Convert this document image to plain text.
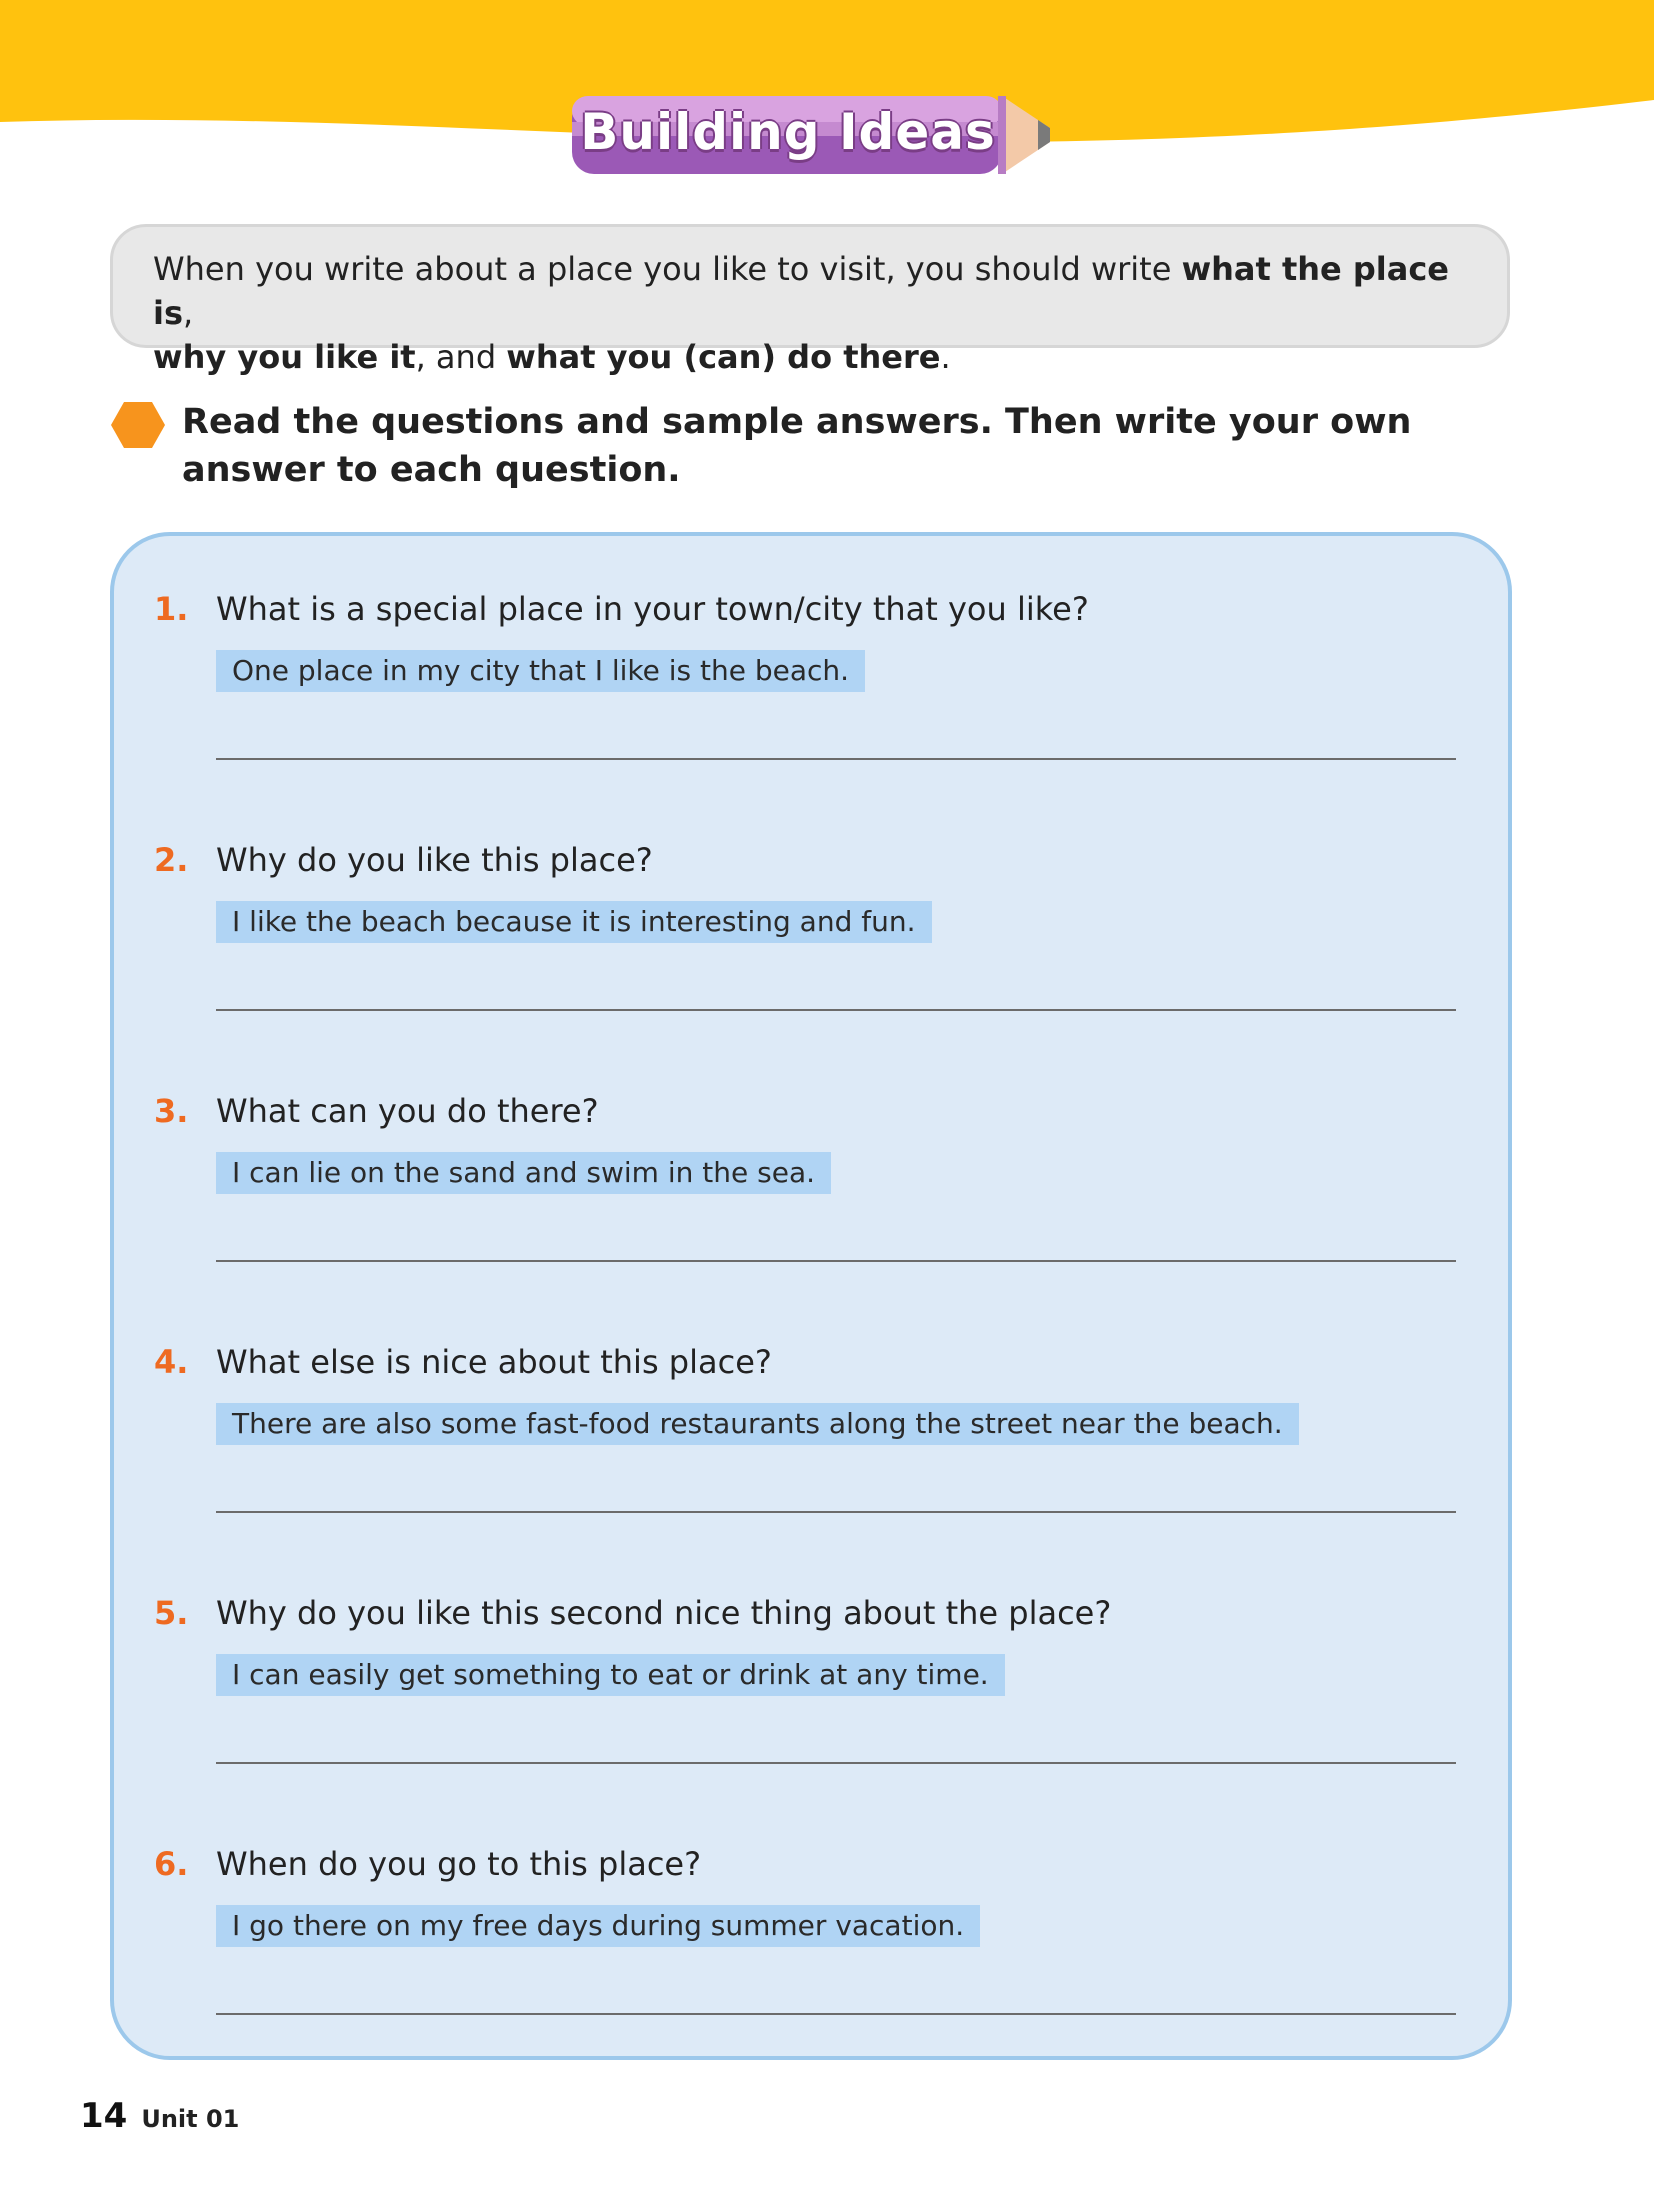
Building Ideas
When you write about a place you like to visit, you should write what the place is,
why you like it, and what you (can) do there.
Read the questions and sample answers. Then write your own answer to each question.
1. What is a special place in your town/city that you like?
One place in my city that I like is the beach.
2. Why do you like this place?
I like the beach because it is interesting and fun.
3. What can you do there?
I can lie on the sand and swim in the sea.
4. What else is nice about this place?
There are also some fast-food restaurants along the street near the beach.
5. Why do you like this second nice thing about the place?
I can easily get something to eat or drink at any time.
6. When do you go to this place?
I go there on my free days during summer vacation.
14 Unit 01
